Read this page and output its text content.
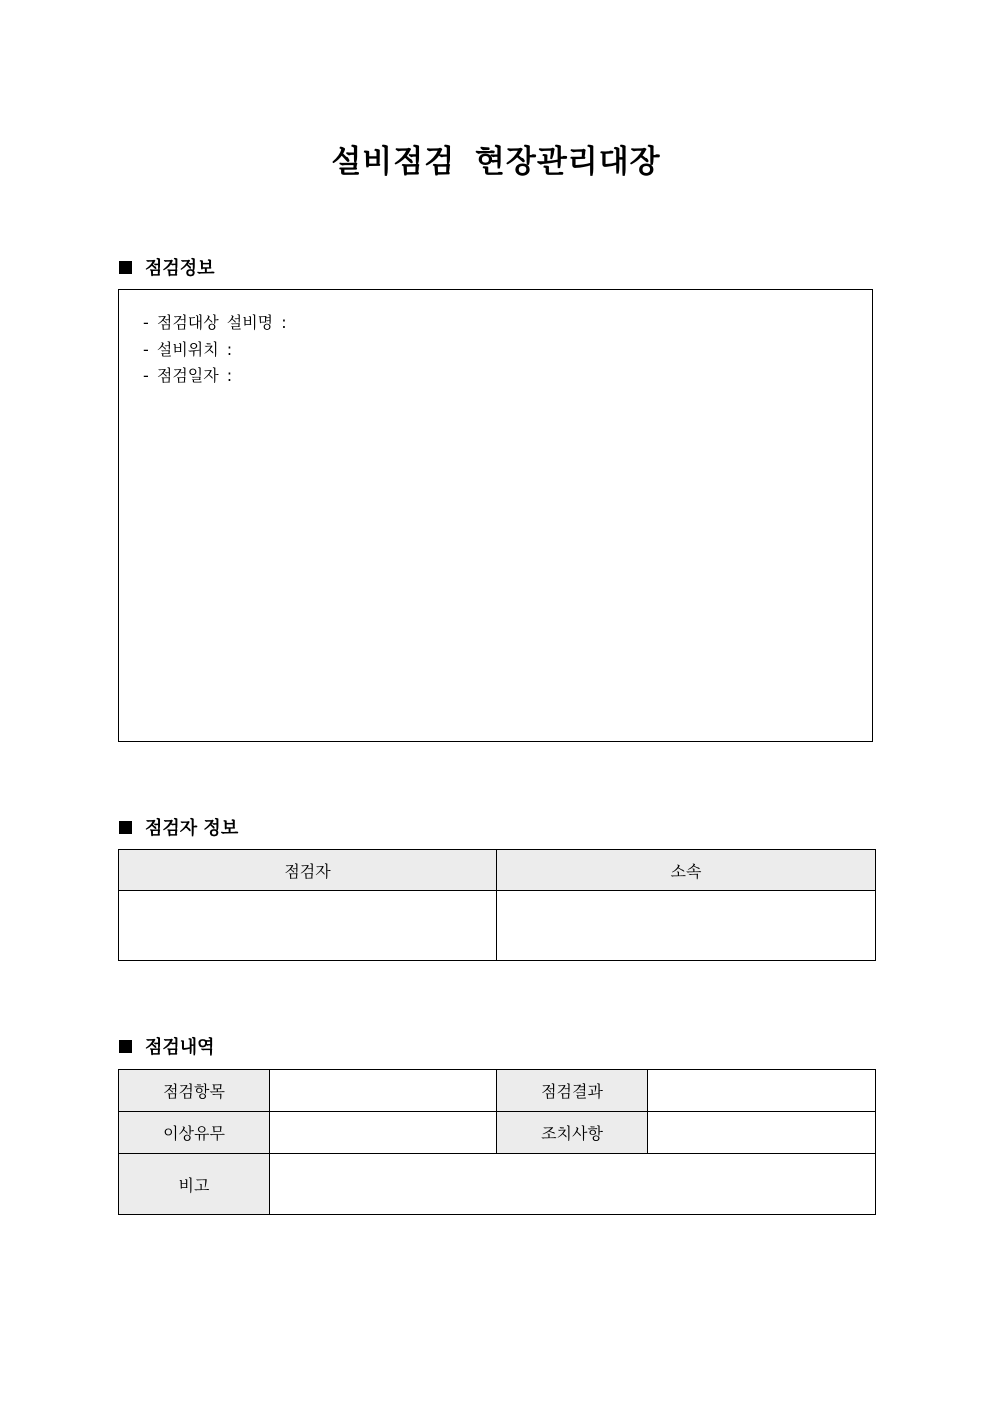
설비점검 현장관리대장
점검정보
- 점검대상 설비명 :
- 설비위치 :
- 점검일자 :
점검자 정보
점검자	소속

점검내역
점검항목		점검결과	
이상유무		조치사항	
비고			
